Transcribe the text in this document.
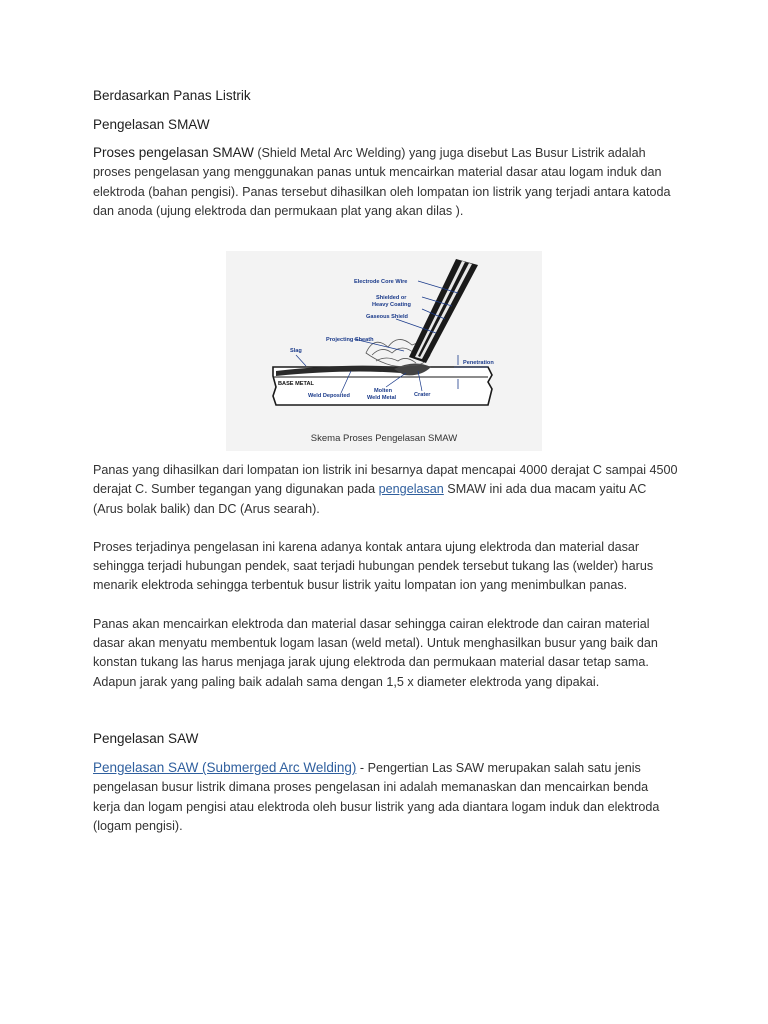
Berdasarkan Panas Listrik

Pengelasan SMAW

Proses pengelasan SMAW (Shield Metal Arc Welding) yang juga disebut Las Busur Listrik adalah proses pengelasan yang menggunakan panas untuk mencairkan material dasar atau logam induk dan elektroda (bahan pengisi). Panas tersebut dihasilkan oleh lompatan ion listrik yang terjadi antara katoda dan anoda (ujung elektroda dan permukaan plat yang akan dilas ).

Electrode Core Wire
Shielded or
Heavy Coating
Gaseous Shield
Projecting Sheath
Slag
Penetration
BASE METAL
Weld Deposited
Molten
Weld Metal	Crater
Skema Proses Pengelasan SMAW

Panas yang dihasilkan dari lompatan ion listrik ini besarnya dapat mencapai 4000 derajat C sampai 4500 derajat C. Sumber tegangan yang digunakan pada pengelasan SMAW ini ada dua macam yaitu AC (Arus bolak balik) dan DC (Arus searah).

Proses terjadinya pengelasan ini karena adanya kontak antara ujung elektroda dan material dasar sehingga terjadi hubungan pendek, saat terjadi hubungan pendek tersebut tukang las (welder) harus menarik elektroda sehingga terbentuk busur listrik yaitu lompatan ion yang menimbulkan panas.

Panas akan mencairkan elektroda dan material dasar sehingga cairan elektrode dan cairan material dasar akan menyatu membentuk logam lasan (weld metal). Untuk menghasilkan busur yang baik dan konstan tukang las harus menjaga jarak ujung elektroda dan permukaan material dasar tetap sama. Adapun jarak yang paling baik adalah sama dengan 1,5 x diameter elektroda yang dipakai.

Pengelasan SAW

Pengelasan SAW (Submerged Arc Welding) - Pengertian Las SAW merupakan salah satu jenis pengelasan busur listrik dimana proses pengelasan ini adalah memanaskan dan mencairkan benda kerja dan logam pengisi atau elektroda oleh busur listrik yang ada diantara logam induk dan elektroda (logam pengisi).
